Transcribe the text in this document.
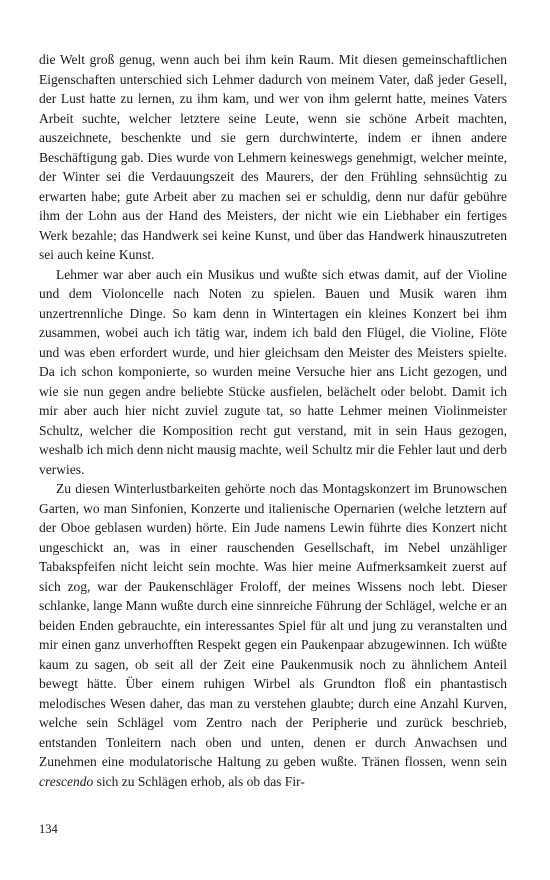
die Welt groß genug, wenn auch bei ihm kein Raum. Mit diesen gemeinschaftlichen Eigenschaften unterschied sich Lehmer dadurch von meinem Vater, daß jeder Gesell, der Lust hatte zu lernen, zu ihm kam, und wer von ihm gelernt hatte, meines Vaters Arbeit suchte, welcher letztere seine Leute, wenn sie schöne Arbeit machten, auszeichnete, beschenkte und sie gern durchwinterte, indem er ihnen andere Beschäftigung gab. Dies wurde von Lehmern keineswegs genehmigt, welcher meinte, der Winter sei die Verdauungszeit des Maurers, der den Frühling sehnsüchtig zu erwarten habe; gute Arbeit aber zu machen sei er schuldig, denn nur dafür gebühre ihm der Lohn aus der Hand des Meisters, der nicht wie ein Liebhaber ein fertiges Werk bezahle; das Handwerk sei keine Kunst, und über das Handwerk hinauszutreten sei auch keine Kunst.

Lehmer war aber auch ein Musikus und wußte sich etwas damit, auf der Violine und dem Violoncelle nach Noten zu spielen. Bauen und Musik waren ihm unzertrennliche Dinge. So kam denn in Wintertagen ein kleines Konzert bei ihm zusammen, wobei auch ich tätig war, indem ich bald den Flügel, die Violine, Flöte und was eben erfordert wurde, und hier gleichsam den Meister des Meisters spielte. Da ich schon komponierte, so wurden meine Versuche hier ans Licht gezogen, und wie sie nun gegen andre beliebte Stücke ausfielen, belächelt oder belobt. Damit ich mir aber auch hier nicht zuviel zugute tat, so hatte Lehmer meinen Violinmeister Schultz, welcher die Komposition recht gut verstand, mit in sein Haus gezogen, weshalb ich mich denn nicht mausig machte, weil Schultz mir die Fehler laut und derb verwies.

Zu diesen Winterlustbarkeiten gehörte noch das Montagskonzert im Brunowschen Garten, wo man Sinfonien, Konzerte und italienische Opernarien (welche letztern auf der Oboe geblasen wurden) hörte. Ein Jude namens Lewin führte dies Konzert nicht ungeschickt an, was in einer rauschenden Gesellschaft, im Nebel unzähliger Tabakspfeifen nicht leicht sein mochte. Was hier meine Aufmerksamkeit zuerst auf sich zog, war der Paukenschläger Froloff, der meines Wissens noch lebt. Dieser schlanke, lange Mann wußte durch eine sinnreiche Führung der Schlägel, welche er an beiden Enden gebrauchte, ein interessantes Spiel für alt und jung zu veranstalten und mir einen ganz unverhofften Respekt gegen ein Paukenpaar abzugewinnen. Ich wüßte kaum zu sagen, ob seit all der Zeit eine Paukenmusik noch zu ähnlichem Anteil bewegt hätte. Über einem ruhigen Wirbel als Grundton floß ein phantastisch melodisches Wesen daher, das man zu verstehen glaubte; durch eine Anzahl Kurven, welche sein Schlägel vom Zentro nach der Peripherie und zurück beschrieb, entstanden Tonleitern nach oben und unten, denen er durch Anwachsen und Zunehmen eine modulatorische Haltung zu geben wußte. Tränen flossen, wenn sein crescendo sich zu Schlägen erhob, als ob das Fir-

134
